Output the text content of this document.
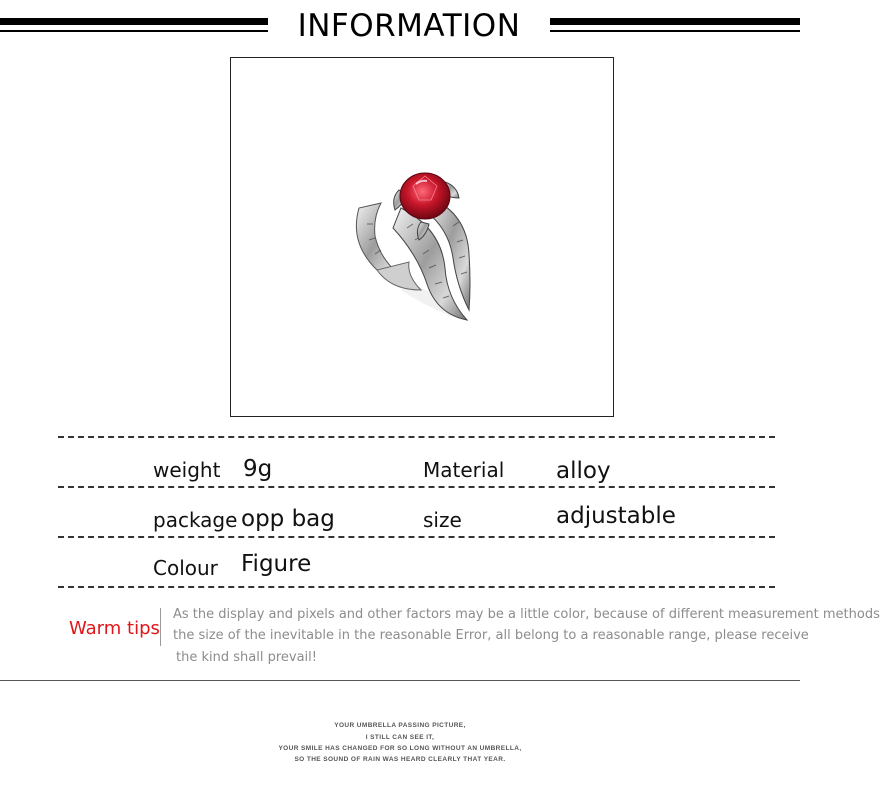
INFORMATION
weight 9g	Material alloy
package opp bag	size	adjustable
Colour Figure
Warm tips
As the display and pixels and other factors may be a little color, because of different measurement methods
the size of the inevitable in the reasonable Error, all belong to a reasonable range, please receive
the kind shall prevail!
YOUR UMBRELLA PASSING PICTURE,
I STILL CAN SEE IT,
YOUR SMILE HAS CHANGED FOR SO LONG WITHOUT AN UMBRELLA,
SO THE SOUND OF RAIN WAS HEARD CLEARLY THAT YEAR.
